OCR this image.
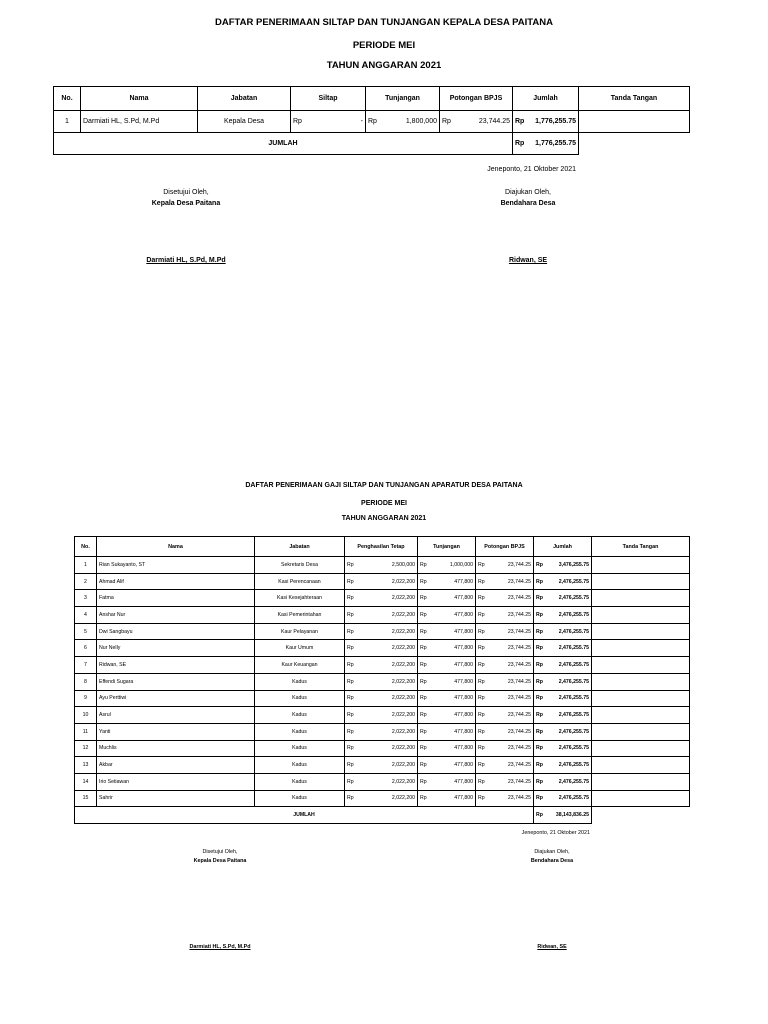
DAFTAR PENERIMAAN SILTAP DAN TUNJANGAN KEPALA DESA PAITANA
PERIODE MEI
TAHUN ANGGARAN 2021
No.	Nama	Jabatan	Siltap	Tunjangan	Potongan BPJS	Jumlah	Tanda Tangan
1	Darmiati HL, S.Pd, M.Pd	Kepala Desa	Rp -	Rp 1,800,000	Rp 23,744.25	Rp 1,776,255.75	

JUMLAH						Rp 1,776,255.75	

Jeneponto, 21 Oktober 2021
Disetujui Oleh,
Kepala Desa Paitana
Darmiati HL, S.Pd, M.Pd
Diajukan Oleh,
Bendahara Desa
Ridwan, SE
DAFTAR PENERIMAAN GAJI SILTAP DAN TUNJANGAN APARATUR DESA PAITANA
PERIODE MEI
TAHUN ANGGARAN 2021
No.	Nama	Jabatan	Penghasilan Tetap	Tunjangan	Potongan BPJS	Jumlah	Tanda Tangan
1	Rian Sukayanto, ST	Sekretaris Desa	Rp 2,500,000	Rp 1,000,000	Rp 23,744.25	Rp 3,476,255.75	

2	Ahmad Alif	Kasi Perencanaan	Rp 2,022,200	Rp 477,800	Rp 23,744.25	Rp 2,476,255.75	

3	Fatma	Kasi Kesejahteraan	Rp 2,022,200	Rp 477,800	Rp 23,744.25	Rp 2,476,255.75	

4	Anshar Nur	Kasi Pemerintahan	Rp 2,022,200	Rp 477,800	Rp 23,744.25	Rp 2,476,255.75	

5	Dwi Sangbayu	Kaur Pelayanan	Rp 2,022,200	Rp 477,800	Rp 23,744.25	Rp 2,476,255.75	

6	Nur Nelly	Kaur Umum	Rp 2,022,200	Rp 477,800	Rp 23,744.25	Rp 2,476,255.75	

7	Ridwan, SE	Kaur Keuangan	Rp 2,022,200	Rp 477,800	Rp 23,744.25	Rp 2,476,255.75	

8	Effendi Sugara	Kadus	Rp 2,022,200	Rp 477,800	Rp 23,744.25	Rp 2,476,255.75	

9	Ayu Perttiwi	Kadus	Rp 2,022,200	Rp 477,800	Rp 23,744.25	Rp 2,476,255.75	

10	Asrul	Kadus	Rp 2,022,200	Rp 477,800	Rp 23,744.25	Rp 2,476,255.75	

11	Yanti	Kadus	Rp 2,022,200	Rp 477,800	Rp 23,744.25	Rp 2,476,255.75	

12	Muchlis	Kadus	Rp 2,022,200	Rp 477,800	Rp 23,744.25	Rp 2,476,255.75	

13	Akbar	Kadus	Rp 2,022,200	Rp 477,800	Rp 23,744.25	Rp 2,476,255.75	

14	Irio Setiawan	Kadus	Rp 2,022,200	Rp 477,800	Rp 23,744.25	Rp 2,476,255.75	

15	Sahrir	Kadus	Rp 2,022,200	Rp 477,800	Rp 23,744.25	Rp 2,476,255.75	

JUMLAH						Rp 38,143,836.25	

Jeneponto, 21 Oktober 2021
Disetujui Oleh,
Kepala Desa Paitana
Darmiati HL, S.Pd, M.Pd
Diajukan Oleh,
Bendahara Desa
Ridwan, SE
